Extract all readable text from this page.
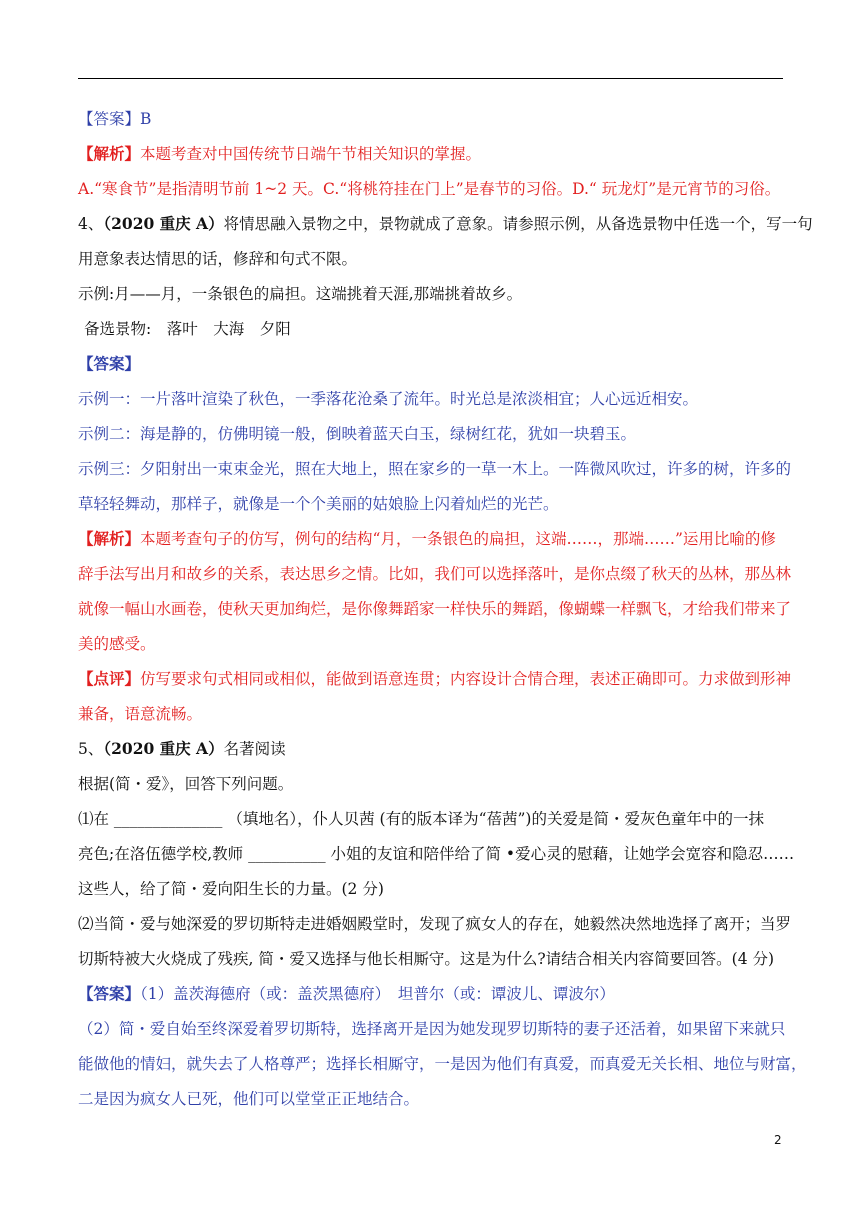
【答案】B
【解析】本题考查对中国传统节日端午节相关知识的掌握。
A.“寒食节”是指清明节前 1~2 天。C.“将桃符挂在门上”是春节的习俗。D.“ 玩龙灯”是元宵节的习俗。
4、（2020 重庆 A）将情思融入景物之中，景物就成了意象。请参照示例，从备选景物中任选一个，写一句
用意象表达情思的话，修辞和句式不限。
示例:月——月，一条银色的扁担。这端挑着天涯,那端挑着故乡。
备选景物:　落叶　大海　夕阳
【答案】
示例一：一片落叶渲染了秋色，一季落花沧桑了流年。时光总是浓淡相宜；人心远近相安。
示例二：海是静的，仿佛明镜一般，倒映着蓝天白玉，绿树红花，犹如一块碧玉。
示例三：夕阳射出一束束金光，照在大地上，照在家乡的一草一木上。一阵微风吹过，许多的树，许多的
草轻轻舞动，那样子，就像是一个个美丽的姑娘脸上闪着灿烂的光芒。
【解析】本题考查句子的仿写，例句的结构“月，一条银色的扁担，这端……，那端……”运用比喻的修
辞手法写出月和故乡的关系，表达思乡之情。比如，我们可以选择落叶，是你点缀了秋天的丛林，那丛林
就像一幅山水画卷，使秋天更加绚烂，是你像舞蹈家一样快乐的舞蹈，像蝴蝶一样飘飞，才给我们带来了
美的感受。
【点评】仿写要求句式相同或相似，能做到语意连贯；内容设计合情合理，表述正确即可。力求做到形神
兼备，语意流畅。
5、（2020 重庆 A）名著阅读
根据(简・爱》，回答下列问题。
⑴在 ______________ （填地名），仆人贝茜 (有的版本译为“蓓茜”)的关爱是简・爱灰色童年中的一抹
亮色;在洛伍德学校,教师 __________ 小姐的友谊和陪伴给了简 •爱心灵的慰藉，让她学会宽容和隐忍……
这些人，给了简・爱向阳生长的力量。(2 分)
⑵当简・爱与她深爱的罗切斯特走进婚姻殿堂时，发现了疯女人的存在，她毅然决然地选择了离开；当罗
切斯特被大火烧成了残疾, 简・爱又选择与他长相厮守。这是为什么?请结合相关内容简要回答。(4 分)
【答案】（1）盖茨海德府（或：盖茨黑德府）　坦普尔（或：谭波儿、谭波尔）
（2）简・爱自始至终深爱着罗切斯特，选择离开是因为她发现罗切斯特的妻子还活着，如果留下来就只
能做他的情妇，就失去了人格尊严；选择长相厮守，一是因为他们有真爱，而真爱无关长相、地位与财富，
二是因为疯女人已死，他们可以堂堂正正地结合。
2
